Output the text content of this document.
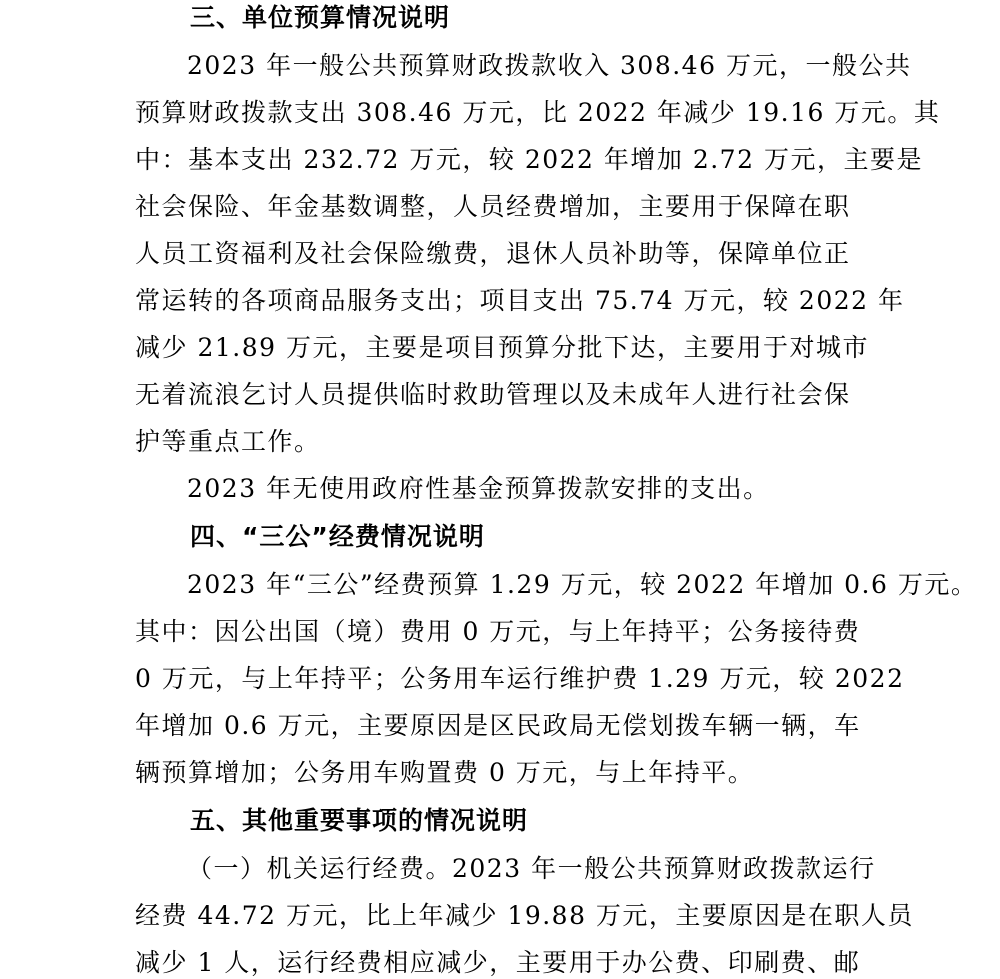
三、单位预算情况说明
2023 年一般公共预算财政拨款收入 308.46 万元，一般公共
预算财政拨款支出 308.46 万元，比 2022 年减少 19.16 万元。其
中：基本支出 232.72 万元，较 2022 年增加 2.72 万元，主要是
社会保险、年金基数调整，人员经费增加，主要用于保障在职
人员工资福利及社会保险缴费，退休人员补助等，保障单位正
常运转的各项商品服务支出；项目支出 75.74 万元，较 2022 年
减少 21.89 万元，主要是项目预算分批下达，主要用于对城市
无着流浪乞讨人员提供临时救助管理以及未成年人进行社会保
护等重点工作。
2023 年无使用政府性基金预算拨款安排的支出。
四、“三公”经费情况说明
2023 年“三公”经费预算 1.29 万元，较 2022 年增加 0.6 万元。
其中：因公出国（境）费用 0 万元，与上年持平；公务接待费
0 万元，与上年持平；公务用车运行维护费 1.29 万元，较 2022
年增加 0.6 万元，主要原因是区民政局无偿划拨车辆一辆，车
辆预算增加；公务用车购置费 0 万元，与上年持平。
五、其他重要事项的情况说明
（一）机关运行经费。2023 年一般公共预算财政拨款运行
经费 44.72 万元，比上年减少 19.88 万元，主要原因是在职人员
减少 1 人，运行经费相应减少，主要用于办公费、印刷费、邮
